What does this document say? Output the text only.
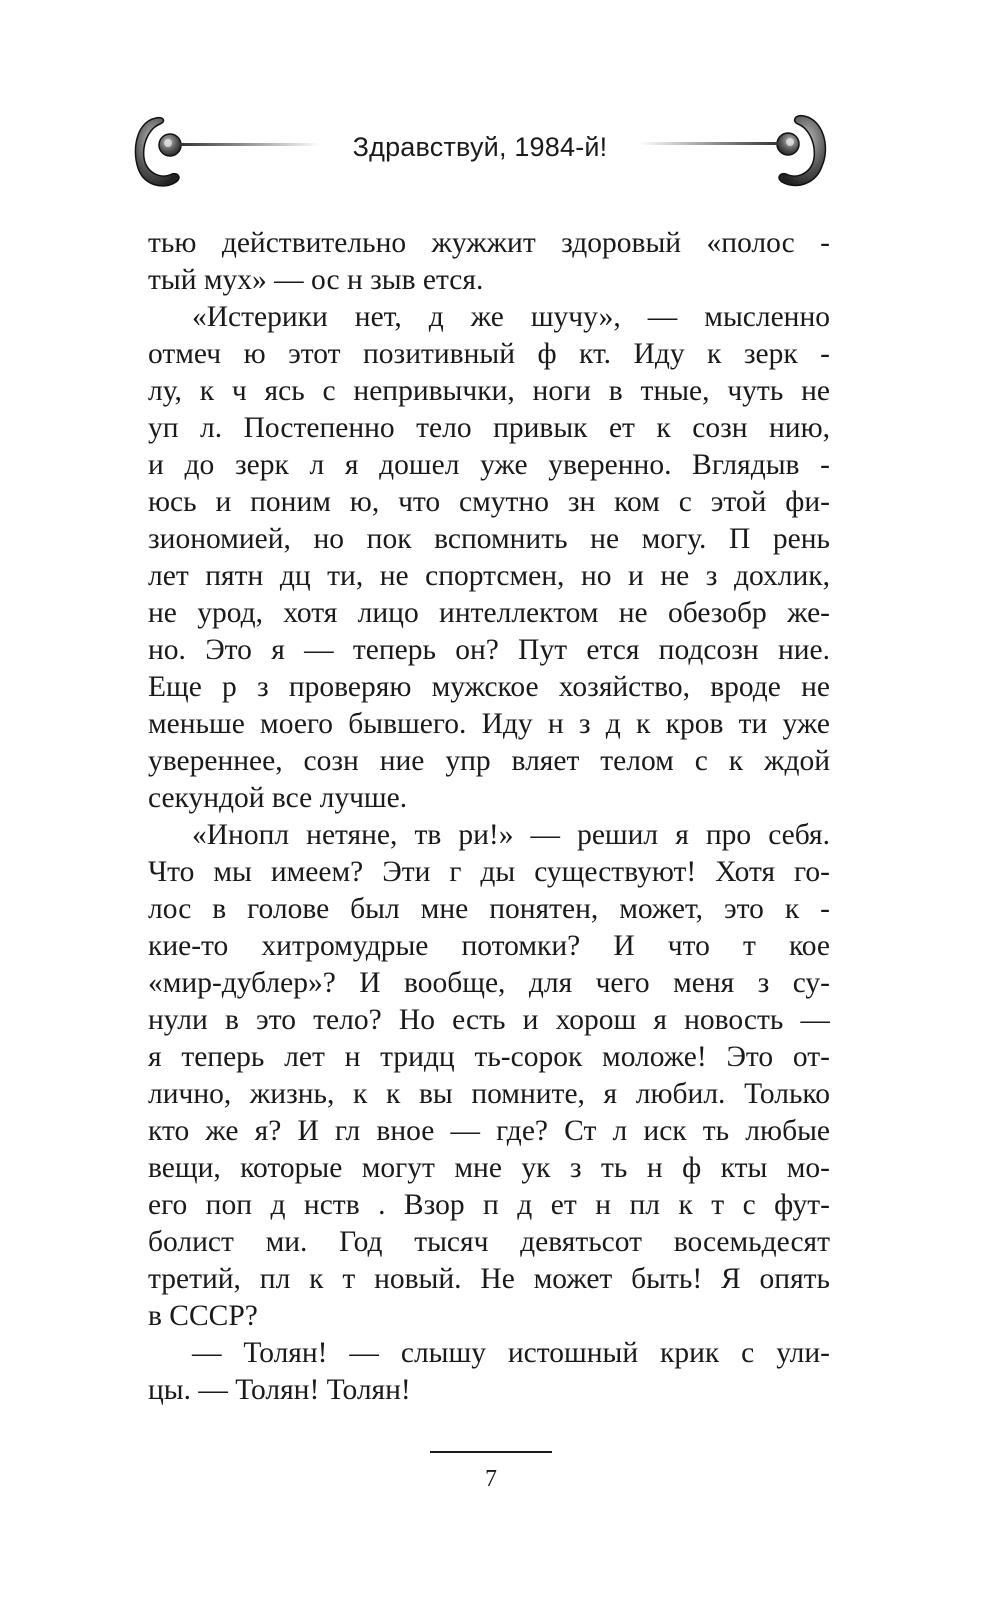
Здравствуй, 1984-й!
тью действительно жужжит здоровый «полос -
тый мух» — ос н зыв ется.
«Истерики нет, д же шучу», — мысленно
отмеч ю этот позитивный ф кт. Иду к зерк -
лу, к ч ясь с непривычки, ноги в тные, чуть не
уп л. Постепенно тело привык ет к созн нию,
и до зерк л я дошел уже уверенно. Вглядыв -
юсь и поним ю, что смутно зн ком с этой фи-
зиономией, но пок вспомнить не могу. П рень
лет пятн дц ти, не спортсмен, но и не з дохлик,
не урод, хотя лицо интеллектом не обезобр же-
но. Это я — теперь он? Пут ется подсозн ние.
Еще р з проверяю мужское хозяйство, вроде не
меньше моего бывшего. Иду н з д к кров ти уже
увереннее, созн ние упр вляет телом с к ждой
секундой все лучше.
«Инопл нетяне, тв ри!» — решил я про себя.
Что мы имеем? Эти г ды существуют! Хотя го-
лос в голове был мне понятен, может, это к -
кие-то хитромудрые потомки? И что т кое
«мир-дублер»? И вообще, для чего меня з су-
нули в это тело? Но есть и хорош я новость —
я теперь лет н тридц ть-сорок моложе! Это от-
лично, жизнь, к к вы помните, я любил. Только
кто же я? И гл вное — где? Ст л иск ть любые
вещи, которые могут мне ук з ть н ф кты мо-
его поп д нств . Взор п д ет н пл к т с фут-
болист ми. Год тысяч девятьсот восемьдесят
третий, пл к т новый. Не может быть! Я опять
в СССР?
— Толян! — слышу истошный крик с ули-
цы. — Толян! Толян!
7
